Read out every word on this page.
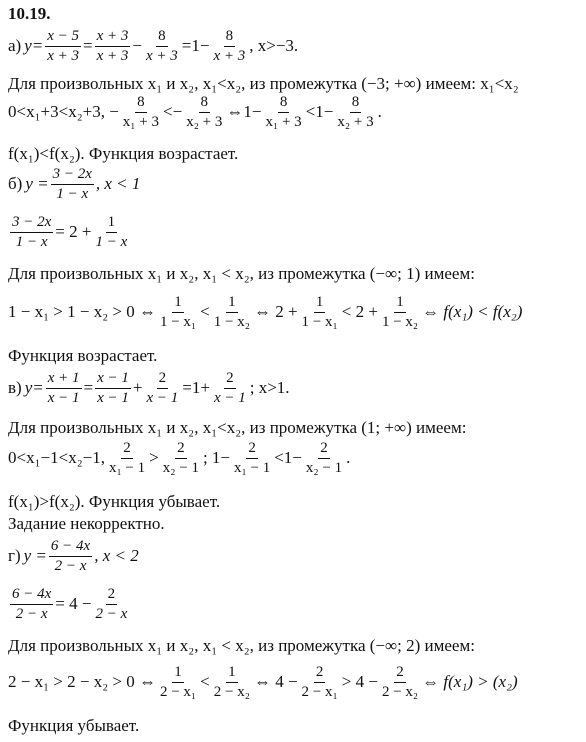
10.19.
а) $y= \frac{x - 5}{x + 3} = \frac{x + 3}{x + 3} - \frac{8}{x + 3} =1- \frac{8}{x + 3}$ , x>−3.
Для произвольных x₁ и x₂, x₁<x₂, из промежутка (−3; +∞) имеем: x₁<x₂
0<x₁+3<x₂+3, − $\frac{8}{\text{x₁ + 3}} <- \frac{8}{\text{x₂ + 3}}$ ⇔1− $\frac{8}{\text{x₁ + 3}} <1- \frac{8}{\text{x₂ + 3}}$ .
f(x₁)<f(x₂). Функция возрастает.
б) $y = \frac{3 - 2x}{1 - x}$ , x < 1
$\frac{3 - 2x}{1 - x} = 2 + \frac{1}{1 - x}$
Для произвольных x₁ и x₂, x₁ < x₂, из промежутка (−∞; 1) имеем:
1 − x₁ > 1 − x₂ > 0 ⇔ $\frac{1}{\text{1 − x₁}} < \frac{1}{\text{1 − x₂}}$ ⇔ $2 + \frac{1}{\text{1 − x₁}} < 2 + \frac{1}{\text{1 − x₂}}$ ⇔ f(x₁) < f(x₂)
Функция возрастает.
в) $y= \frac{x + 1}{x - 1} = \frac{x - 1}{x - 1} + \frac{2}{x - 1} =1+ \frac{2}{x - 1}$ ; x>1.
Для произвольных x₁ и x₂, x₁<x₂, из промежутка (1; +∞) имеем:
0<x₁−1<x₂−1, $\frac{2}{\text{x₁ − 1}} > \frac{2}{\text{x₂ − 1}}$ ; $1- \frac{2}{\text{x₁ − 1}} <1- \frac{2}{\text{x₂ − 1}}$ .
f(x₁)>f(x₂). Функция убывает.
Задание некорректно.
г) $y = \frac{6 - 4x}{2 - x}$ , x < 2
$\frac{6 - 4x}{2 - x} = 4 - \frac{2}{2 - x}$
Для произвольных x₁ и x₂, x₁ < x₂, из промежутка (−∞; 2) имеем:
2 − x₁ > 2 − x₂ > 0 ⇔ $\frac{1}{\text{2 − x₁}} < \frac{1}{\text{2 − x₂}}$ ⇔ $4 - \frac{2}{\text{2 − x₁}} > 4 - \frac{2}{\text{2 − x₂}}$ ⇔ f(x₁) > (x₂)
Функция убывает.
